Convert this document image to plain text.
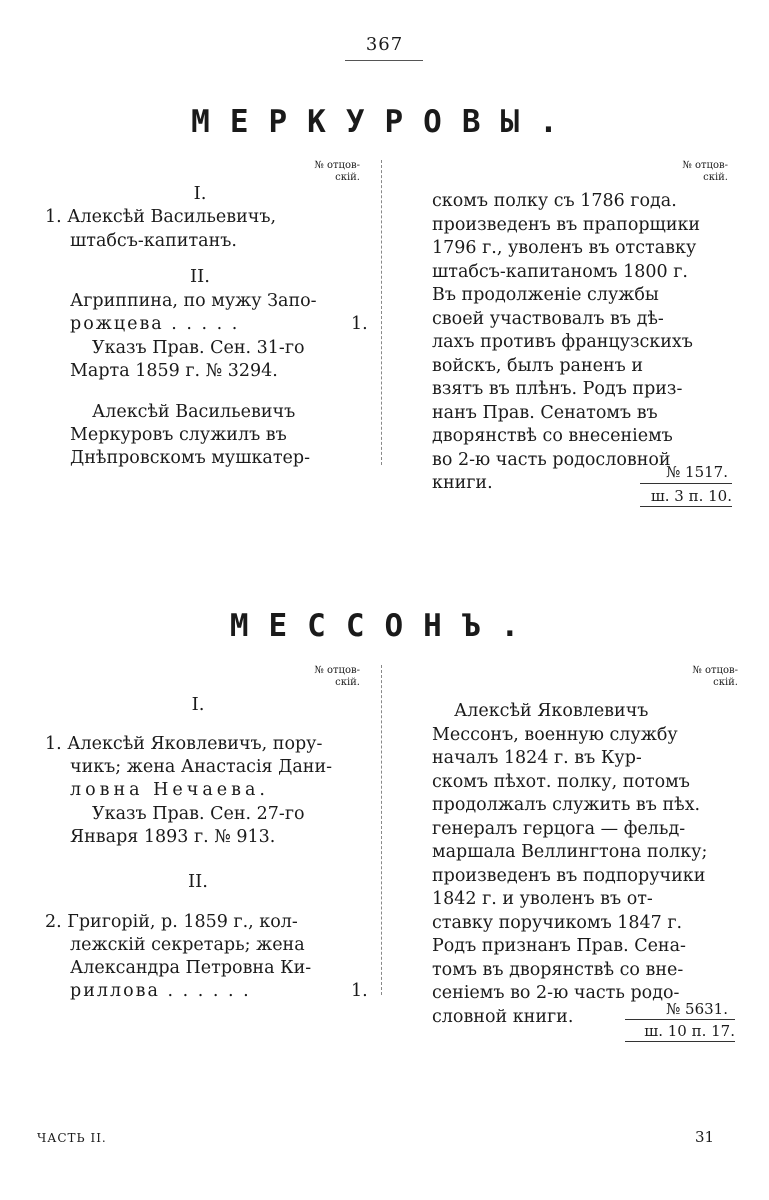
367
МЕРКУРОВЫ.
№ отцов-
скій.
№ отцов-
скій.
I.
1. Алексѣй Васильевичъ,
штабсъ-капитанъ.
II.
Агриппина, по мужу Запо-
рожцева . . . . .	1.
Указъ Прав. Сен. 31-го
Марта 1859 г. № 3294.
Алексѣй Васильевичъ
Меркуровъ служилъ въ
Днѣпровскомъ мушкатер-
скомъ полку съ 1786 года.
произведенъ въ прапорщики
1796 г., уволенъ въ отставку
штабсъ-капитаномъ 1800 г.
Въ продолженіе службы
своей участвовалъ въ дѣ-
лахъ противъ французскихъ
войскъ, былъ раненъ и
взятъ въ плѣнъ. Родъ приз-
нанъ Прав. Сенатомъ въ
дворянствѣ со внесеніемъ
во 2-ю часть родословной
книги.
№ 1517.
ш. 3 п. 10.
МЕССОНЪ.
№ отцов-
скій.
№ отцов-
скій.
I.
1. Алексѣй Яковлевичъ, пору-
чикъ; жена Анастасія Дани-
ловна Нечаева.
Указъ Прав. Сен. 27-го
Января 1893 г. № 913.
II.
2. Григорій, р. 1859 г., кол-
лежскій секретарь; жена
Александра Петровна Ки-
риллова . . . . . .	1.
Алексѣй Яковлевичъ
Мессонъ, военную службу
началъ 1824 г. въ Кур-
скомъ пѣхот. полку, потомъ
продолжалъ служить въ пѣх.
генералъ герцога — фельд-
маршала Веллингтона полку;
произведенъ въ подпоручики
1842 г. и уволенъ въ от-
ставку поручикомъ 1847 г.
Родъ признанъ Прав. Сена-
томъ въ дворянствѣ со внe-
сеніемъ во 2-ю часть родо-
словной книги.	№ 5631.
ш. 10 п. 17.
ЧАСТЬ II.	31
